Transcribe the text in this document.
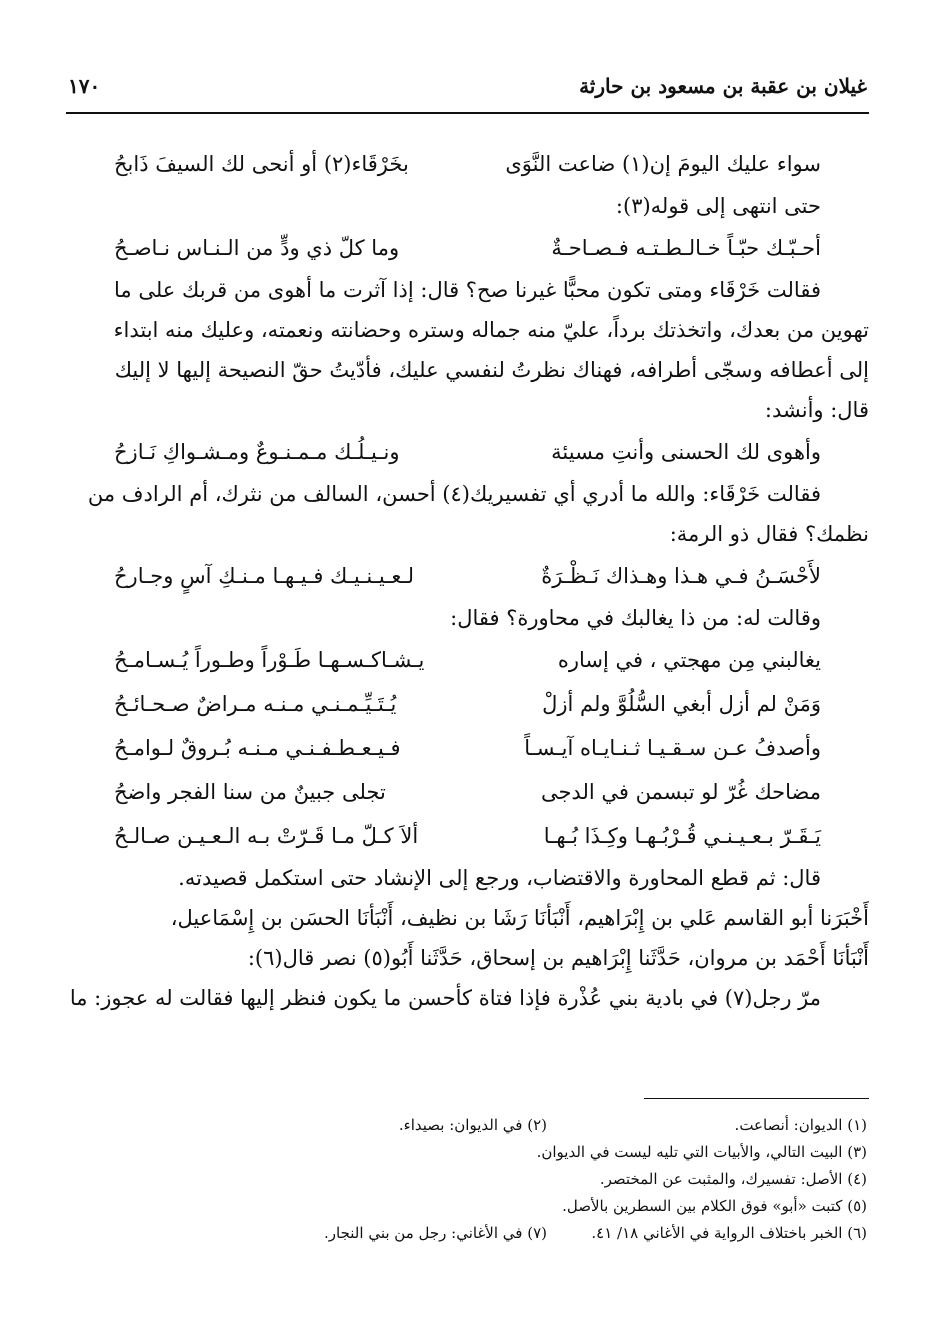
غيلان بن عقبة بن مسعود بن حارثة
١٧٠
سواء عليك اليومَ إن(١) ضاعت النَّوَى
بخَرْقَاء(٢) أو أنحى لك السيفَ ذَابحُ
حتى انتهى إلى قوله(٣):
أحـبّـك حبّـاً خـالـطـتـه فـصـاحـةٌ
وما كلّ ذي ودٍّ من الـنـاس نـاصـحُ
فقالت خَرْقَاء ومتى تكون محبًّا غيرنا صح؟ قال: إذا آثرت ما أهوى من قربك على ما
تهوين من بعدك، واتخذتك برداً، عليّ منه جماله وستره وحضانته ونعمته، وعليك منه ابتداء
إلى أعطافه وسجّى أطرافه، فهناك نظرتُ لنفسي عليك، فأدّيتُ حقّ النصيحة إليها لا إليك
قال: وأنشد:
وأهوى لك الحسنى وأنتِ مسيئة
ونـيـلُـك مـمـنـوعٌ ومـشـواكِ نَـازحُ
فقالت خَرْقَاء: والله ما أدري أي تفسيريك(٤) أحسن، السالف من نثرك، أم الرادف من
نظمك؟ فقال ذو الرمة:
لأَحْسَـنُ فـي هـذا وهـذاك نَـظْـرَةٌ
لـعـيـنـيـك فـيـهـا مـنـكِ آسٍ وجـارحُ
وقالت له: من ذا يغالبك في محاورة؟ فقال:
يغالبني مِن مهجتي ، في إساره
يـشـاكـسـهـا طَـوْراً وطـوراً يُـسـامـحُ
وَمَنْ لم أزل أبغي السُّلُوَّ ولم أزلْ
يُـتَـيِّـمـنـي مـنـه مـراضٌ صـحـائـحُ
وأصدفُ عـن سـقـيـا ثـنـايـاه آيـسـاً
فـيـعـطـفـنـي مـنـه بُـروقٌ لـوامـحُ
مضاحك غُرّ لو تبسمن في الدجى
تجلى جبينٌ من سنا الفجر واضحُ
يَـقَـرّ بـعـيـنـي قُـرْبُـهـا وكِـذَا بُـهـا
ألاَ كـلّ مـا قَـرّتْ بـه الـعـيـن صـالـحُ
قال: ثم قطع المحاورة والاقتضاب، ورجع إلى الإنشاد حتى استكمل قصيدته.
أَخْبَرَنا أبو القاسم عَلي بن إِبْرَاهيم، أَنْبَأنَا رَشَا بن نظيف، أَنْبَأنَا الحسَن بن إِسْمَاعيل،
أَنْبَأنَا أَحْمَد بن مروان، حَدَّثَنا إِبْرَاهيم بن إسحاق، حَدَّثَنا أَبُو(٥) نصر قال(٦):
مرّ رجل(٧) في بادية بني عُذْرة فإذا فتاة كأحسن ما يكون فنظر إليها فقالت له عجوز: ما
(١) الديوان: أنصاعت.
(٢) في الديوان: بصيداء.
(٣) البيت التالي، والأبيات التي تليه ليست في الديوان.
(٤) الأصل: تفسيرك، والمثبت عن المختصر.
(٥) كتبت «أبو» فوق الكلام بين السطرين بالأصل.
(٦) الخبر باختلاف الرواية في الأغاني ١٨/ ٤١.
(٧) في الأغاني: رجل من بني النجار.
